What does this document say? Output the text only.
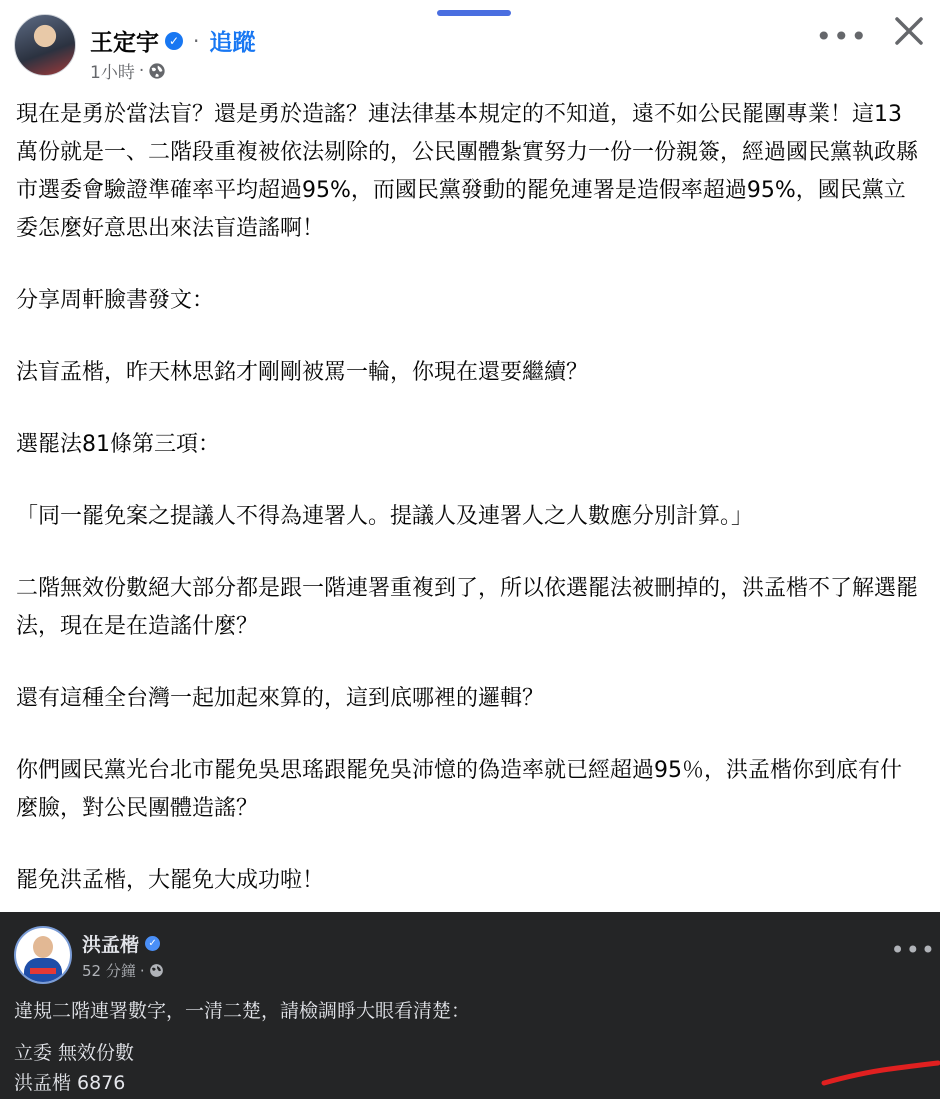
王定宇 ✓ · 追蹤
1小時 ·
•••

現在是勇於當法盲？還是勇於造謠？連法律基本規定的不知道，遠不如公民罷團專業！這13萬份就是一、二階段重複被依法剔除的，公民團體紮實努力一份一份親簽，經過國民黨執政縣市選委會驗證準確率平均超過95%，而國民黨發動的罷免連署是造假率超過95%，國民黨立委怎麼好意思出來法盲造謠啊！

分享周軒臉書發文：

法盲孟楷，昨天林思銘才剛剛被罵一輪，你現在還要繼續？

選罷法81條第三項：

「同一罷免案之提議人不得為連署人。提議人及連署人之人數應分別計算。」

二階無效份數絕大部分都是跟一階連署重複到了，所以依選罷法被刪掉的，洪孟楷不了解選罷法，現在是在造謠什麼？

還有這種全台灣一起加起來算的，這到底哪裡的邏輯？

你們國民黨光台北市罷免吳思瑤跟罷免吳沛憶的偽造率就已經超過95％，洪孟楷你到底有什麼臉，對公民團體造謠？

罷免洪孟楷，大罷免大成功啦！

洪孟楷 ✓
52 分鐘 ·
•••

違規二階連署數字，一清二楚，請檢調睜大眼看清楚：

立委 無效份數

洪孟楷 6876
